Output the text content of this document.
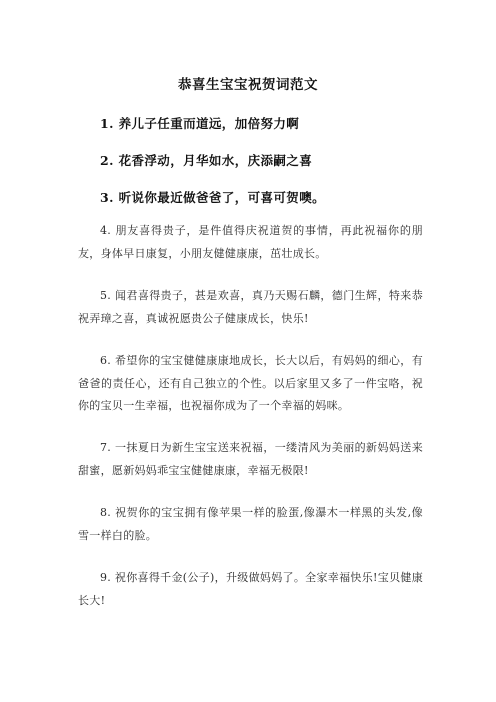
恭喜生宝宝祝贺词范文
1. 养儿子任重而道远，加倍努力啊
2. 花香浮动，月华如水，庆添嗣之喜
3. 听说你最近做爸爸了，可喜可贺噢。
4. 朋友喜得贵子，是件值得庆祝道贺的事情，再此祝福你的朋友，身体早日康复，小朋友健健康康，茁壮成长。
5. 闻君喜得贵子，甚是欢喜，真乃天赐石麟，德门生辉，特来恭祝弄璋之喜，真诚祝愿贵公子健康成长，快乐!
6. 希望你的宝宝健健康康地成长，长大以后，有妈妈的细心，有爸爸的责任心，还有自己独立的个性。以后家里又多了一件宝咯，祝你的宝贝一生幸福，也祝福你成为了一个幸福的妈咪。
7. 一抹夏日为新生宝宝送来祝福，一缕清风为美丽的新妈妈送来甜蜜，愿新妈妈乖宝宝健健康康，幸福无极限!
8. 祝贺你的宝宝拥有像苹果一样的脸蛋,像瀑木一样黑的头发,像雪一样白的脸。
9. 祝你喜得千金(公子)，升级做妈妈了。全家幸福快乐!宝贝健康长大!
